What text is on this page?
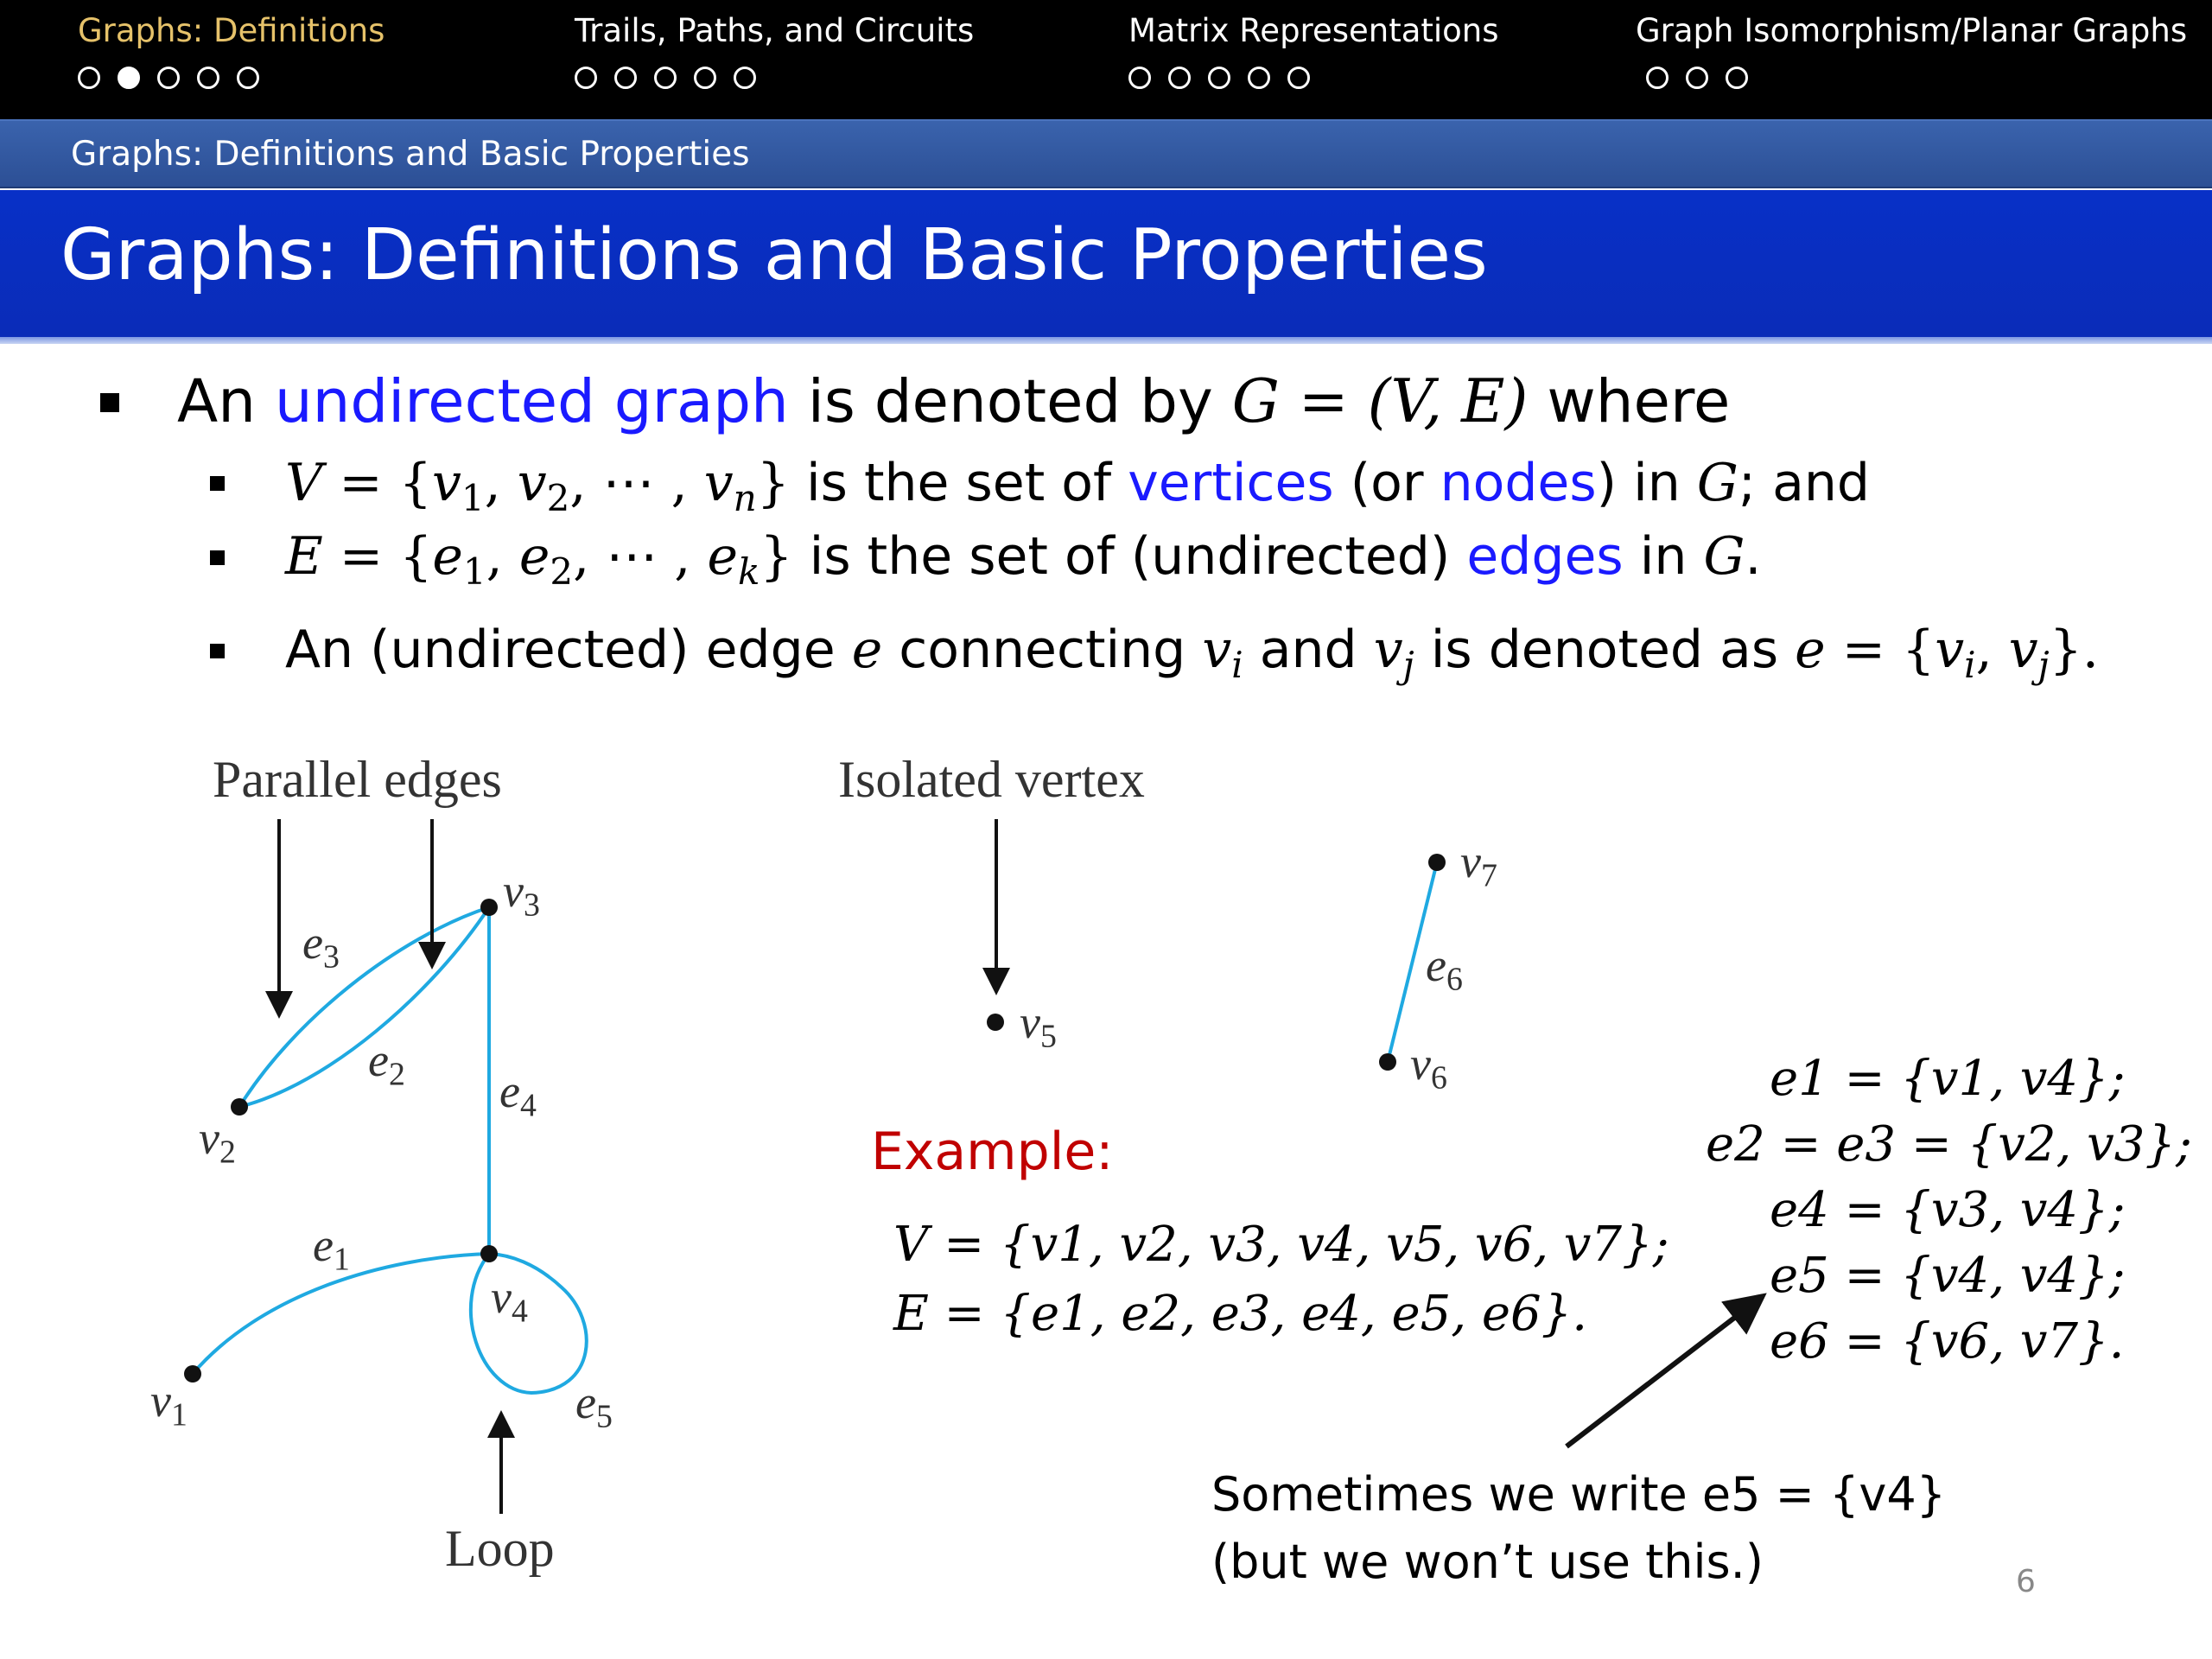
Graphs: Definitions	Trails, Paths, and Circuits	Matrix Representations	Graph Isomorphism/Planar Graphs
Graphs: Definitions and Basic Properties
Graphs: Definitions and Basic Properties
An undirected graph is denoted by G = (V, E) where
$V = \{v_1$, $v_2$, ⋯ , $v_n$} is the set of vertices (or nodes) in G; and
$E = \{e_1$, $e_2$, ⋯ , $e_k$} is the set of (undirected) edges in G.
An (undirected) edge e connecting $v_i$ and $v_j$ is denoted as $e = \{v_i$, $v_j$}.
Parallel edges	Isolated vertex
Loop
$v_3$
$v_2$
$v_1$
$v_4$
$v_5$
$v_6$
$v_7$
$e_3$
$e_2$ $e_4$
$e_1$
$e_5$
$e_6$
Example:
V = {v1, v2, v3, v4, v5, v6, v7};
E = {e1, e2, e3, e4, e5, e6}.
e1 = {v1, v4};
e2 = e3 = {v2, v3};
e4 = {v3, v4};
e5 = {v4, v4};
e6 = {v6, v7}.
Sometimes we write e5 = {v4}
(but we won’t use this.)	6
